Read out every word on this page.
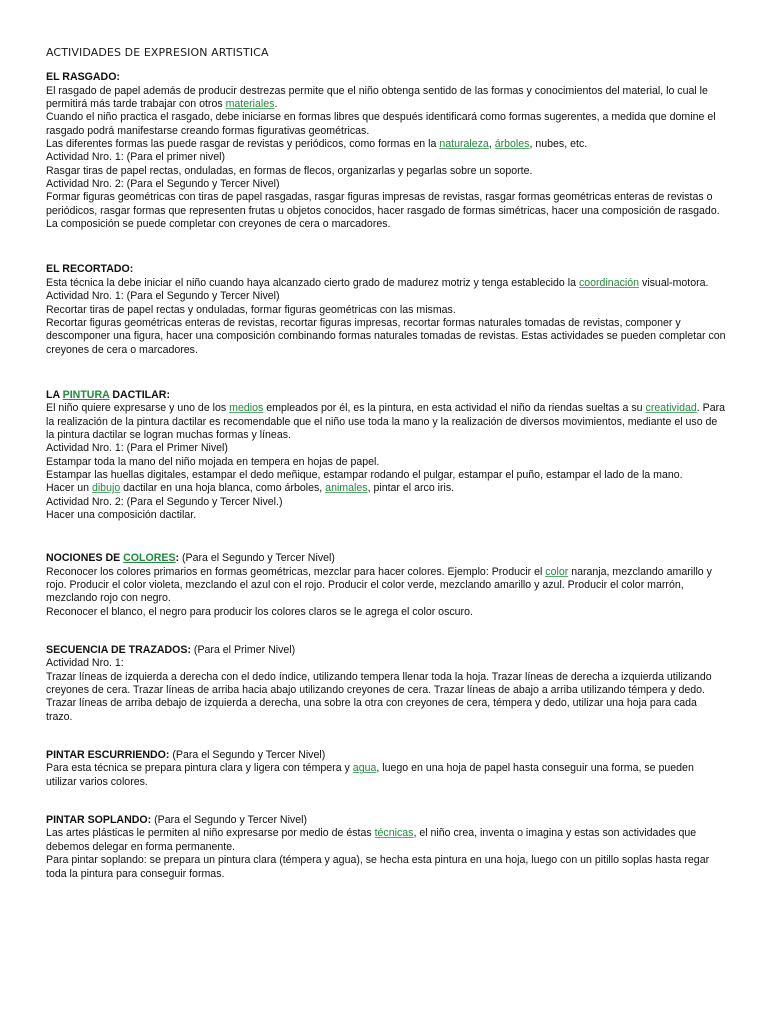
ACTIVIDADES DE EXPRESION ARTISTICA

EL RASGADO:

El rasgado de papel además de producir destrezas permite que el niño obtenga sentido de las formas y conocimientos del material, lo cual le permitirá más tarde trabajar con otros materiales.

Cuando el niño practica el rasgado, debe iniciarse en formas libres que después identificará como formas sugerentes, a medida que domine el rasgado podrá manifestarse creando formas figurativas geométricas.

Las diferentes formas las puede rasgar de revistas y periódicos, como formas en la naturaleza, árboles, nubes, etc.

Actividad Nro. 1: (Para el primer nivel)

Rasgar tiras de papel rectas, onduladas, en formas de flecos, organizarlas y pegarlas sobre un soporte.

Actividad Nro. 2: (Para el Segundo y Tercer Nivel)

Formar figuras geométricas con tiras de papel rasgadas, rasgar figuras impresas de revistas, rasgar formas geométricas enteras de revistas o periódicos, rasgar formas que representen frutas u objetos conocidos, hacer rasgado de formas simétricas, hacer una composición de rasgado. La composición se puede completar con creyones de cera o marcadores.

EL RECORTADO:

Esta técnica la debe iniciar el niño cuando haya alcanzado cierto grado de madurez motriz y tenga establecido la coordinación visual-motora.

Actividad Nro. 1: (Para el Segundo y Tercer Nivel)

Recortar tiras de papel rectas y onduladas, formar figuras geométricas con las mismas.

Recortar figuras geométricas enteras de revistas, recortar figuras impresas, recortar formas naturales tomadas de revistas, componer y descomponer una figura, hacer una composición combinando formas naturales tomadas de revistas. Estas actividades se pueden completar con creyones de cera o marcadores.

LA PINTURA DACTILAR:

El niño quiere expresarse y uno de los medios empleados por él, es la pintura, en esta actividad el niño da riendas sueltas a su creatividad. Para la realización de la pintura dactilar es recomendable que el niño use toda la mano y la realización de diversos movimientos, mediante el uso de la pintura dactilar se logran muchas formas y líneas.

Actividad Nro. 1: (Para el Primer Nivel)

Estampar toda la mano del niño mojada en tempera en hojas de papel.

Estampar las huellas digitales, estampar el dedo meñique, estampar rodando el pulgar, estampar el puño, estampar el lado de la mano.

Hacer un dibujo dactilar en una hoja blanca, como árboles, animales, pintar el arco iris.

Actividad Nro. 2: (Para el Segundo y Tercer Nivel.)

Hacer una composición dactilar.

NOCIONES DE COLORES: (Para el Segundo y Tercer Nivel)

Reconocer los colores primarios en formas geométricas, mezclar para hacer colores. Ejemplo: Producir el color naranja, mezclando amarillo y rojo. Producir el color violeta, mezclando el azul con el rojo. Producir el color verde, mezclando amarillo y azul. Producir el color marrón, mezclando rojo con negro.

Reconocer el blanco, el negro para producir los colores claros se le agrega el color oscuro.

SECUENCIA DE TRAZADOS: (Para el Primer Nivel)

Actividad Nro. 1:

Trazar líneas de izquierda a derecha con el dedo índice, utilizando tempera llenar toda la hoja. Trazar líneas de derecha a izquierda utilizando creyones de cera. Trazar líneas de arriba hacia abajo utilizando creyones de cera. Trazar líneas de abajo a arriba utilizando témpera y dedo. Trazar líneas de arriba debajo de izquierda a derecha, una sobre la otra con creyones de cera, témpera y dedo, utilizar una hoja para cada trazo.

PINTAR ESCURRIENDO: (Para el Segundo y Tercer Nivel)

Para esta técnica se prepara pintura clara y ligera con témpera y agua, luego en una hoja de papel hasta conseguir una forma, se pueden utilizar varios colores.

PINTAR SOPLANDO: (Para el Segundo y Tercer Nivel)

Las artes plásticas le permiten al niño expresarse por medio de éstas técnicas, el niño crea, inventa o imagina y estas son actividades que debemos delegar en forma permanente.

Para pintar soplando: se prepara un pintura clara (témpera y agua), se hecha esta pintura en una hoja, luego con un pitillo soplas hasta regar toda la pintura para conseguir formas.
